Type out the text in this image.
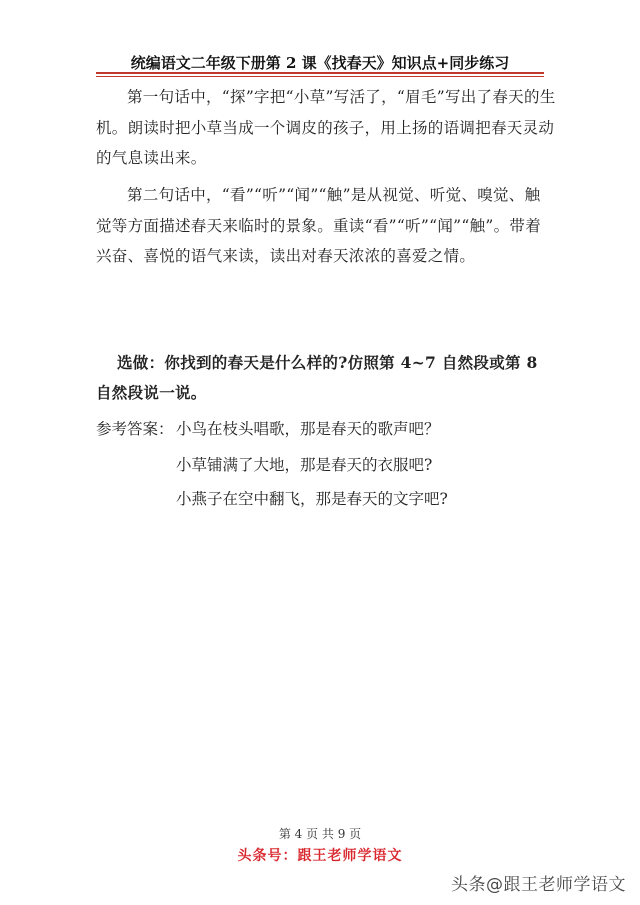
统编语文二年级下册第 2 课《找春天》知识点+同步练习

第一句话中，“探”字把“小草”写活了，“眉毛”写出了春天的生机。朗读时把小草当成一个调皮的孩子，用上扬的语调把春天灵动的气息读出来。

第二句话中，“看”“听”“闻”“触”是从视觉、听觉、嗅觉、触觉等方面描述春天来临时的景象。重读“看”“听”“闻”“触”。带着兴奋、喜悦的语气来读，读出对春天浓浓的喜爱之情。

选做：你找到的春天是什么样的?仿照第 4~7 自然段或第 8 自然段说一说。

参考答案： 小鸟在枝头唱歌，那是春天的歌声吧？
小草铺满了大地，那是春天的衣服吧?
小燕子在空中翻飞，那是春天的文字吧?
第 4 页 共 9 页
头条号：跟王老师学语文
头条@跟王老师学语文
